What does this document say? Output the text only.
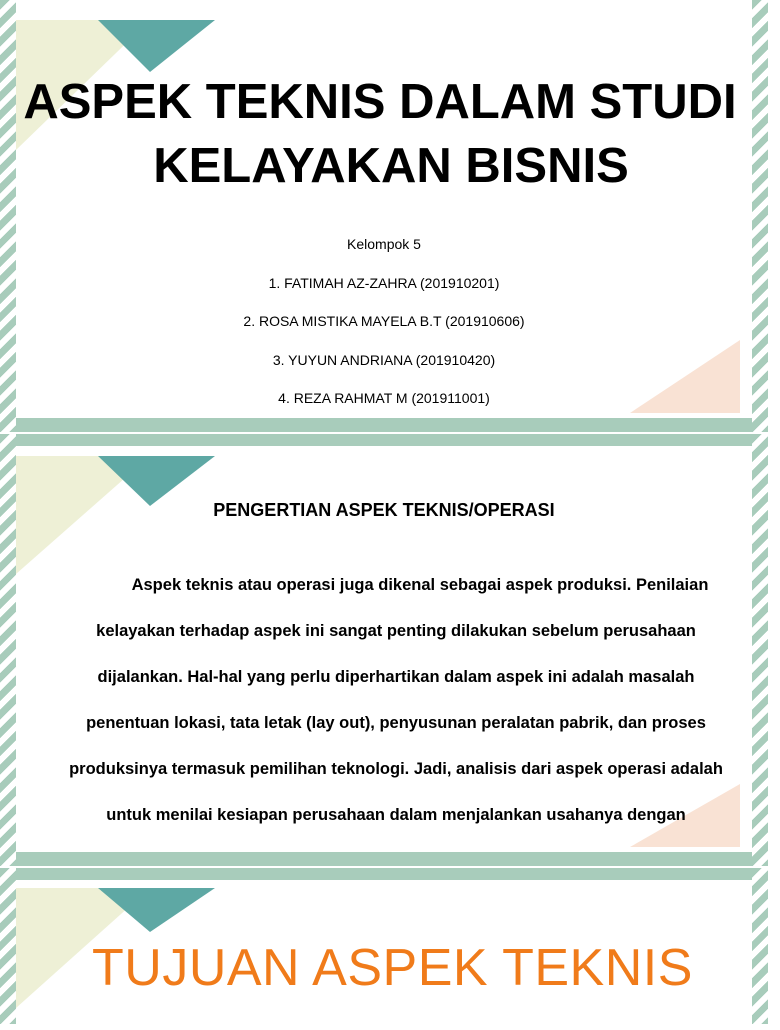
ASPEK TEKNIS DALAM STUDI
KELAYAKAN BISNIS
Kelompok 5
1. FATIMAH AZ-ZAHRA (201910201)
2. ROSA MISTIKA MAYELA B.T (201910606)
3. YUYUN ANDRIANA (201910420)
4. REZA RAHMAT M (201911001)
PENGERTIAN ASPEK TEKNIS/OPERASI

Aspek teknis atau operasi juga dikenal sebagai aspek produksi. Penilaian kelayakan terhadap aspek ini sangat penting dilakukan sebelum perusahaan dijalankan. Hal-hal yang perlu diperhartikan dalam aspek ini adalah masalah penentuan lokasi, tata letak (lay out), penyusunan peralatan pabrik, dan proses produksinya termasuk pemilihan teknologi. Jadi, analisis dari aspek operasi adalah untuk menilai kesiapan perusahaan dalam menjalankan usahanya dengan

TUJUAN ASPEK TEKNIS
